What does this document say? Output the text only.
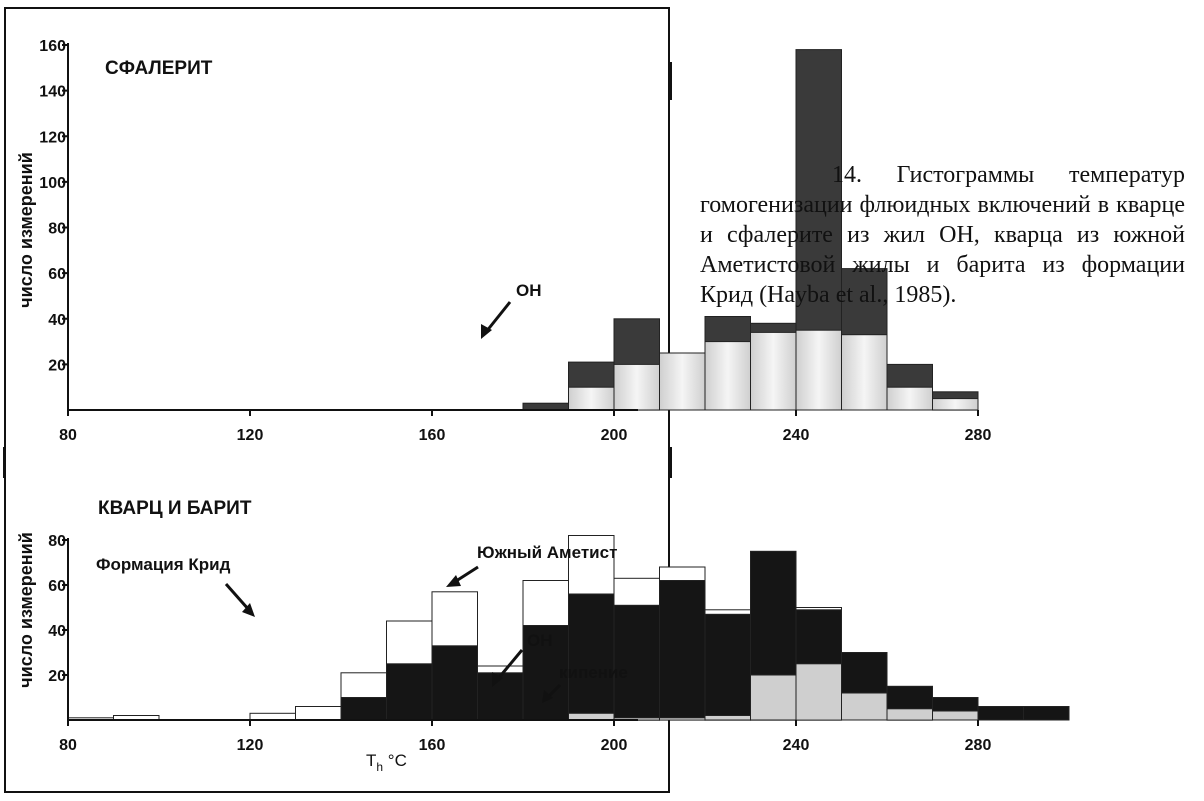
СФАЛЕРИТ
число измерений
80	120	160	200	240	280
20
40
60
80
100
120
140
160
ОН
КВАРЦ И БАРИТ
число измерений
80	120	160	200	240	280
20
40
60
80
Формация Крид
Южный Аметист
ОН
кипение
$T_h$ °C
14. Гистограммы температур гомогенизации флюидных включений в кварце и сфалерите из жил ОН, кварца из южной Аметистовой жилы и барита из формации Крид (Hayba et al., 1985).
